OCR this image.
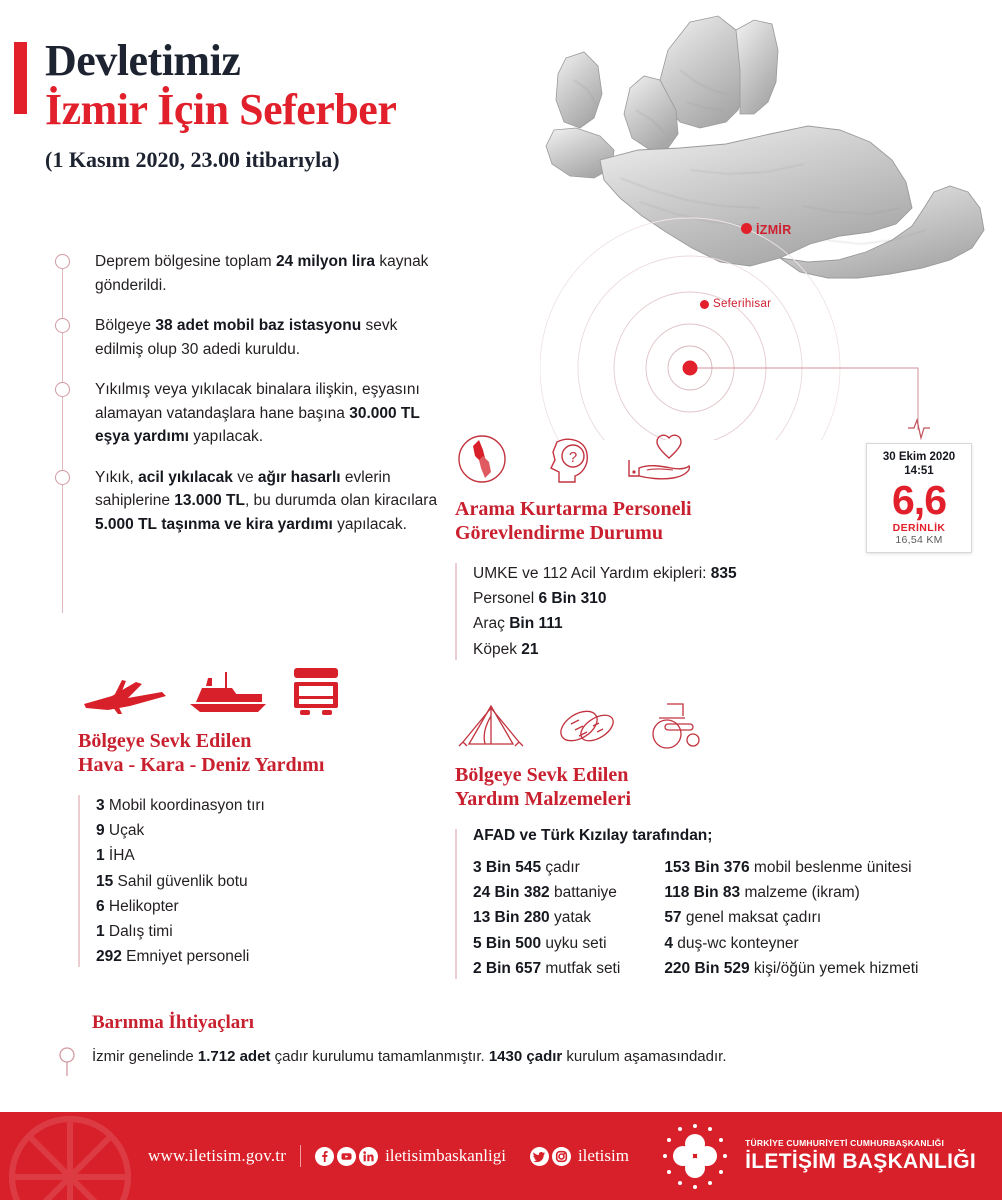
Devletimiz
İzmir İçin Seferber
(1 Kasım 2020, 23.00 itibarıyla)
İZMİR
Seferihisar
30 Ekim 2020
14:51
6,6
DERİNLİK
16,54 KM
Deprem bölgesine toplam 24 milyon lira kaynak gönderildi.
Bölgeye 38 adet mobil baz istasyonu sevk edilmiş olup 30 adedi kuruldu.
Yıkılmış veya yıkılacak binalara ilişkin, eşyasını alamayan vatandaşlara hane başına 30.000 TL eşya yardımı yapılacak.
Yıkık, acil yıkılacak ve ağır hasarlı evlerin sahiplerine 13.000 TL, bu durumda olan kiracılara 5.000 TL taşınma ve kira yardımı yapılacak.
Bölgeye Sevk Edilen
Hava - Kara - Deniz Yardımı
3 Mobil koordinasyon tırı
9 Uçak
1 İHA
15 Sahil güvenlik botu
6 Helikopter
1 Dalış timi
292 Emniyet personeli
?
Arama Kurtarma Personeli
Görevlendirme Durumu
UMKE ve 112 Acil Yardım ekipleri: 835
Personel 6 Bin 310
Araç Bin 111
Köpek 21
Bölgeye Sevk Edilen
Yardım Malzemeleri
AFAD ve Türk Kızılay tarafından;
3 Bin 545 çadır
24 Bin 382 battaniye
13 Bin 280 yatak
5 Bin 500 uyku seti
2 Bin 657 mutfak seti
153 Bin 376 mobil beslenme ünitesi
118 Bin 83 malzeme (ikram)
57 genel maksat çadırı
4 duş-wc konteyner
220 Bin 529 kişi/öğün yemek hizmeti
Barınma İhtiyaçları
İzmir genelinde 1.712 adet çadır kurulumu tamamlanmıştır. 1430 çadır kurulum aşamasındadır.
www.iletisim.gov.tr	iletisimbaskanligi	iletisim
TÜRKİYE CUMHURİYETİ CUMHURBAŞKANLIĞI
İLETİŞİM BAŞKANLIĞI
